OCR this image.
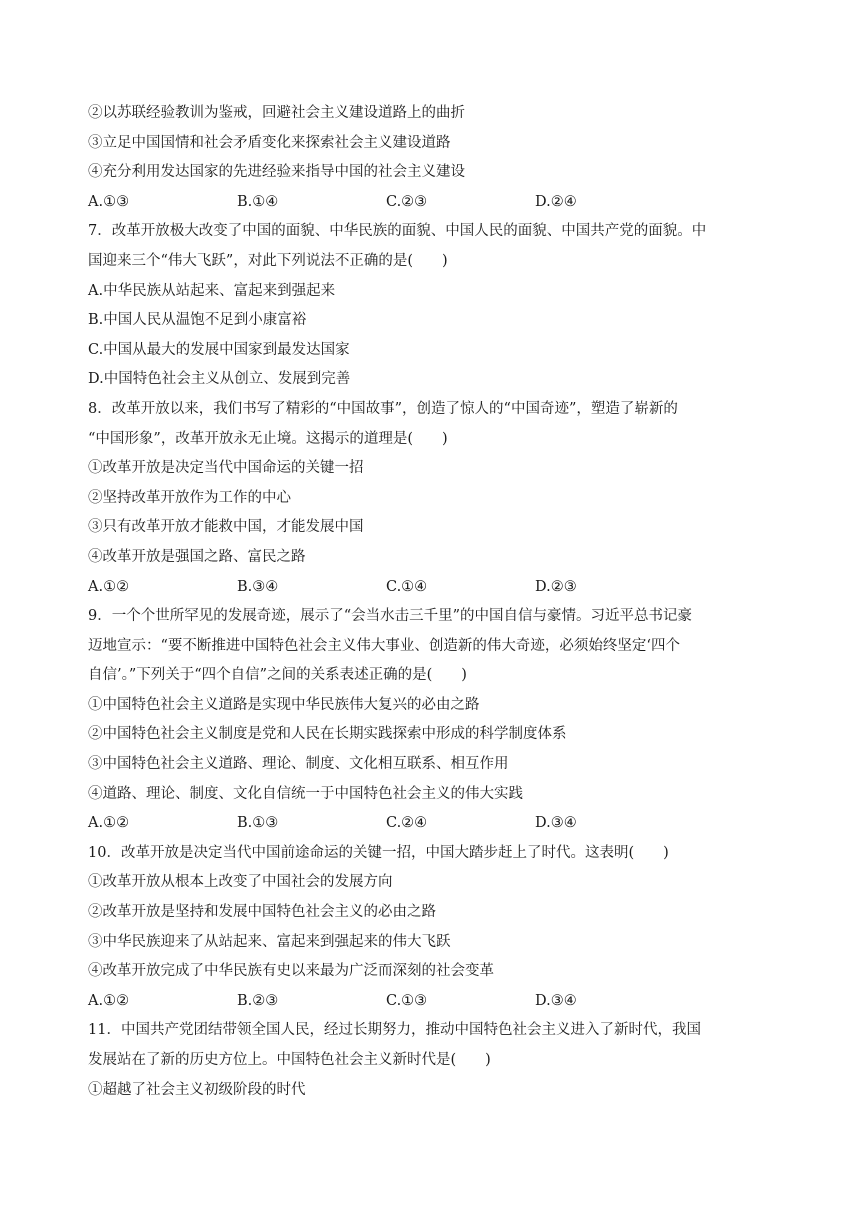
②以苏联经验教训为鉴戒，回避社会主义建设道路上的曲折
③立足中国国情和社会矛盾变化来探索社会主义建设道路
④充分利用发达国家的先进经验来指导中国的社会主义建设
A.①③	B.①④	C.②③	D.②④
7．改革开放极大改变了中国的面貌、中华民族的面貌、中国人民的面貌、中国共产党的面貌。中
国迎来三个“伟大飞跃”，对此下列说法不正确的是(　　)
A.中华民族从站起来、富起来到强起来
B.中国人民从温饱不足到小康富裕
C.中国从最大的发展中国家到最发达国家
D.中国特色社会主义从创立、发展到完善
8．改革开放以来，我们书写了精彩的“中国故事”，创造了惊人的“中国奇迹”，塑造了崭新的
“中国形象”，改革开放永无止境。这揭示的道理是(　　)
①改革开放是决定当代中国命运的关键一招
②坚持改革开放作为工作的中心
③只有改革开放才能救中国，才能发展中国
④改革开放是强国之路、富民之路
A.①②	B.③④	C.①④	D.②③
9．一个个世所罕见的发展奇迹，展示了“会当水击三千里”的中国自信与豪情。习近平总书记豪
迈地宣示：“要不断推进中国特色社会主义伟大事业、创造新的伟大奇迹，必须始终坚定‘四个
自信’。”下列关于“四个自信”之间的关系表述正确的是(　　)
①中国特色社会主义道路是实现中华民族伟大复兴的必由之路
②中国特色社会主义制度是党和人民在长期实践探索中形成的科学制度体系
③中国特色社会主义道路、理论、制度、文化相互联系、相互作用
④道路、理论、制度、文化自信统一于中国特色社会主义的伟大实践
A.①②	B.①③	C.②④	D.③④
10．改革开放是决定当代中国前途命运的关键一招，中国大踏步赶上了时代。这表明(　　)
①改革开放从根本上改变了中国社会的发展方向
②改革开放是坚持和发展中国特色社会主义的必由之路
③中华民族迎来了从站起来、富起来到强起来的伟大飞跃
④改革开放完成了中华民族有史以来最为广泛而深刻的社会变革
A.①②	B.②③	C.①③	D.③④
11．中国共产党团结带领全国人民，经过长期努力，推动中国特色社会主义进入了新时代，我国
发展站在了新的历史方位上。中国特色社会主义新时代是(　　)
①超越了社会主义初级阶段的时代
